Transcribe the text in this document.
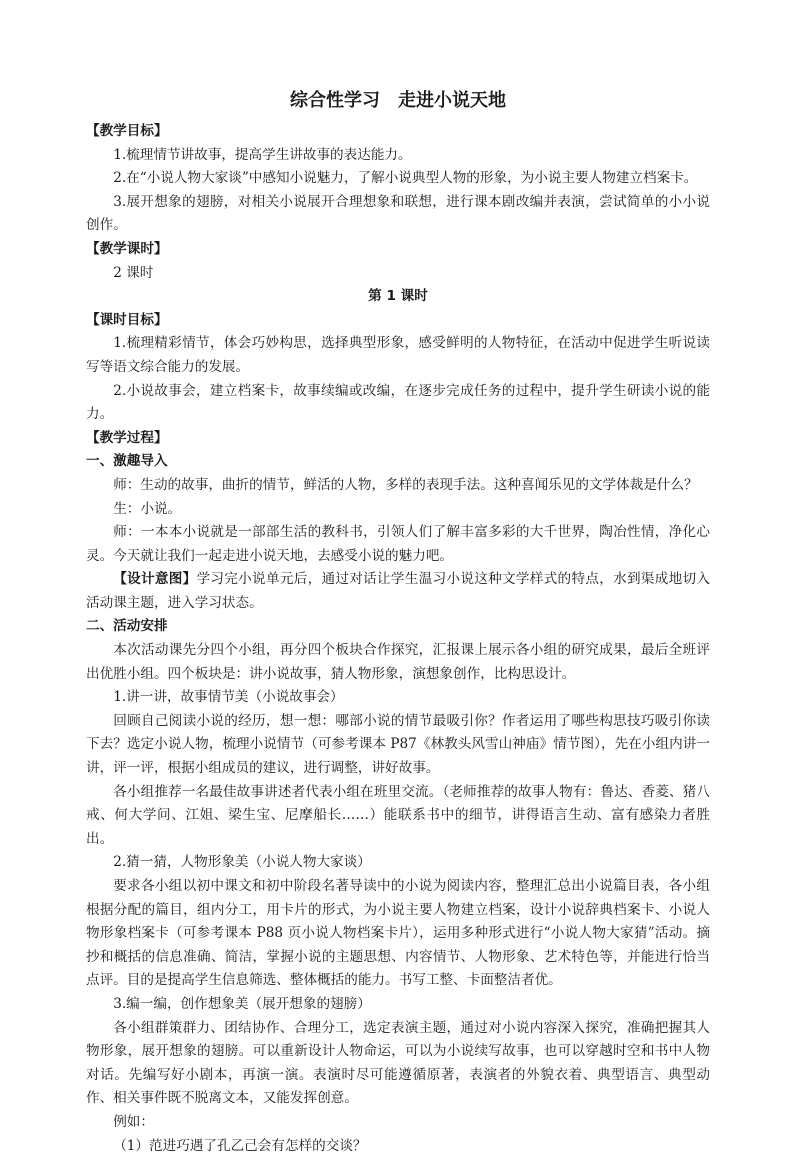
综合性学习　走进小说天地
【教学目标】

1.梳理情节讲故事，提高学生讲故事的表达能力。

2.在“小说人物大家谈”中感知小说魅力，了解小说典型人物的形象，为小说主要人物建立档案卡。

3.展开想象的翅膀，对相关小说展开合理想象和联想，进行课本剧改编并表演，尝试简单的小小说创作。

【教学课时】

2 课时

第 1 课时
【课时目标】

1.梳理精彩情节，体会巧妙构思，选择典型形象，感受鲜明的人物特征，在活动中促进学生听说读写等语文综合能力的发展。

2.小说故事会，建立档案卡，故事续编或改编，在逐步完成任务的过程中，提升学生研读小说的能力。

【教学过程】
一、激趣导入

师：生动的故事，曲折的情节，鲜活的人物，多样的表现手法。这种喜闻乐见的文学体裁是什么？

生：小说。

师：一本本小说就是一部部生活的教科书，引领人们了解丰富多彩的大千世界，陶冶性情，净化心灵。今天就让我们一起走进小说天地，去感受小说的魅力吧。

【设计意图】学习完小说单元后，通过对话让学生温习小说这种文学样式的特点，水到渠成地切入活动课主题，进入学习状态。

二、活动安排

本次活动课先分四个小组，再分四个板块合作探究，汇报课上展示各小组的研究成果，最后全班评出优胜小组。四个板块是：讲小说故事，猜人物形象，演想象创作，比构思设计。

1.讲一讲，故事情节美（小说故事会）

回顾自己阅读小说的经历，想一想：哪部小说的情节最吸引你？作者运用了哪些构思技巧吸引你读下去？选定小说人物，梳理小说情节（可参考课本 P87《林教头风雪山神庙》情节图），先在小组内讲一讲，评一评，根据小组成员的建议，进行调整，讲好故事。

各小组推荐一名最佳故事讲述者代表小组在班里交流。（老师推荐的故事人物有：鲁达、香菱、猪八戒、何大学问、江姐、梁生宝、尼摩船长……）能联系书中的细节，讲得语言生动、富有感染力者胜出。

2.猜一猜，人物形象美（小说人物大家谈）

要求各小组以初中课文和初中阶段名著导读中的小说为阅读内容，整理汇总出小说篇目表，各小组根据分配的篇目，组内分工，用卡片的形式，为小说主要人物建立档案，设计小说辞典档案卡、小说人物形象档案卡（可参考课本 P88 页小说人物档案卡片），运用多种形式进行“小说人物大家猜”活动。摘抄和概括的信息准确、简洁，掌握小说的主题思想、内容情节、人物形象、艺术特色等，并能进行恰当点评。目的是提高学生信息筛选、整体概括的能力。书写工整、卡面整洁者优。

3.编一编，创作想象美（展开想象的翅膀）

各小组群策群力、团结协作、合理分工，选定表演主题，通过对小说内容深入探究，准确把握其人物形象，展开想象的翅膀。可以重新设计人物命运，可以为小说续写故事，也可以穿越时空和书中人物对话。先编写好小剧本，再演一演。表演时尽可能遵循原著，表演者的外貌衣着、典型语言、典型动作、相关事件既不脱离文本，又能发挥创意。

例如：

（1）范进巧遇了孔乙己会有怎样的交谈？
